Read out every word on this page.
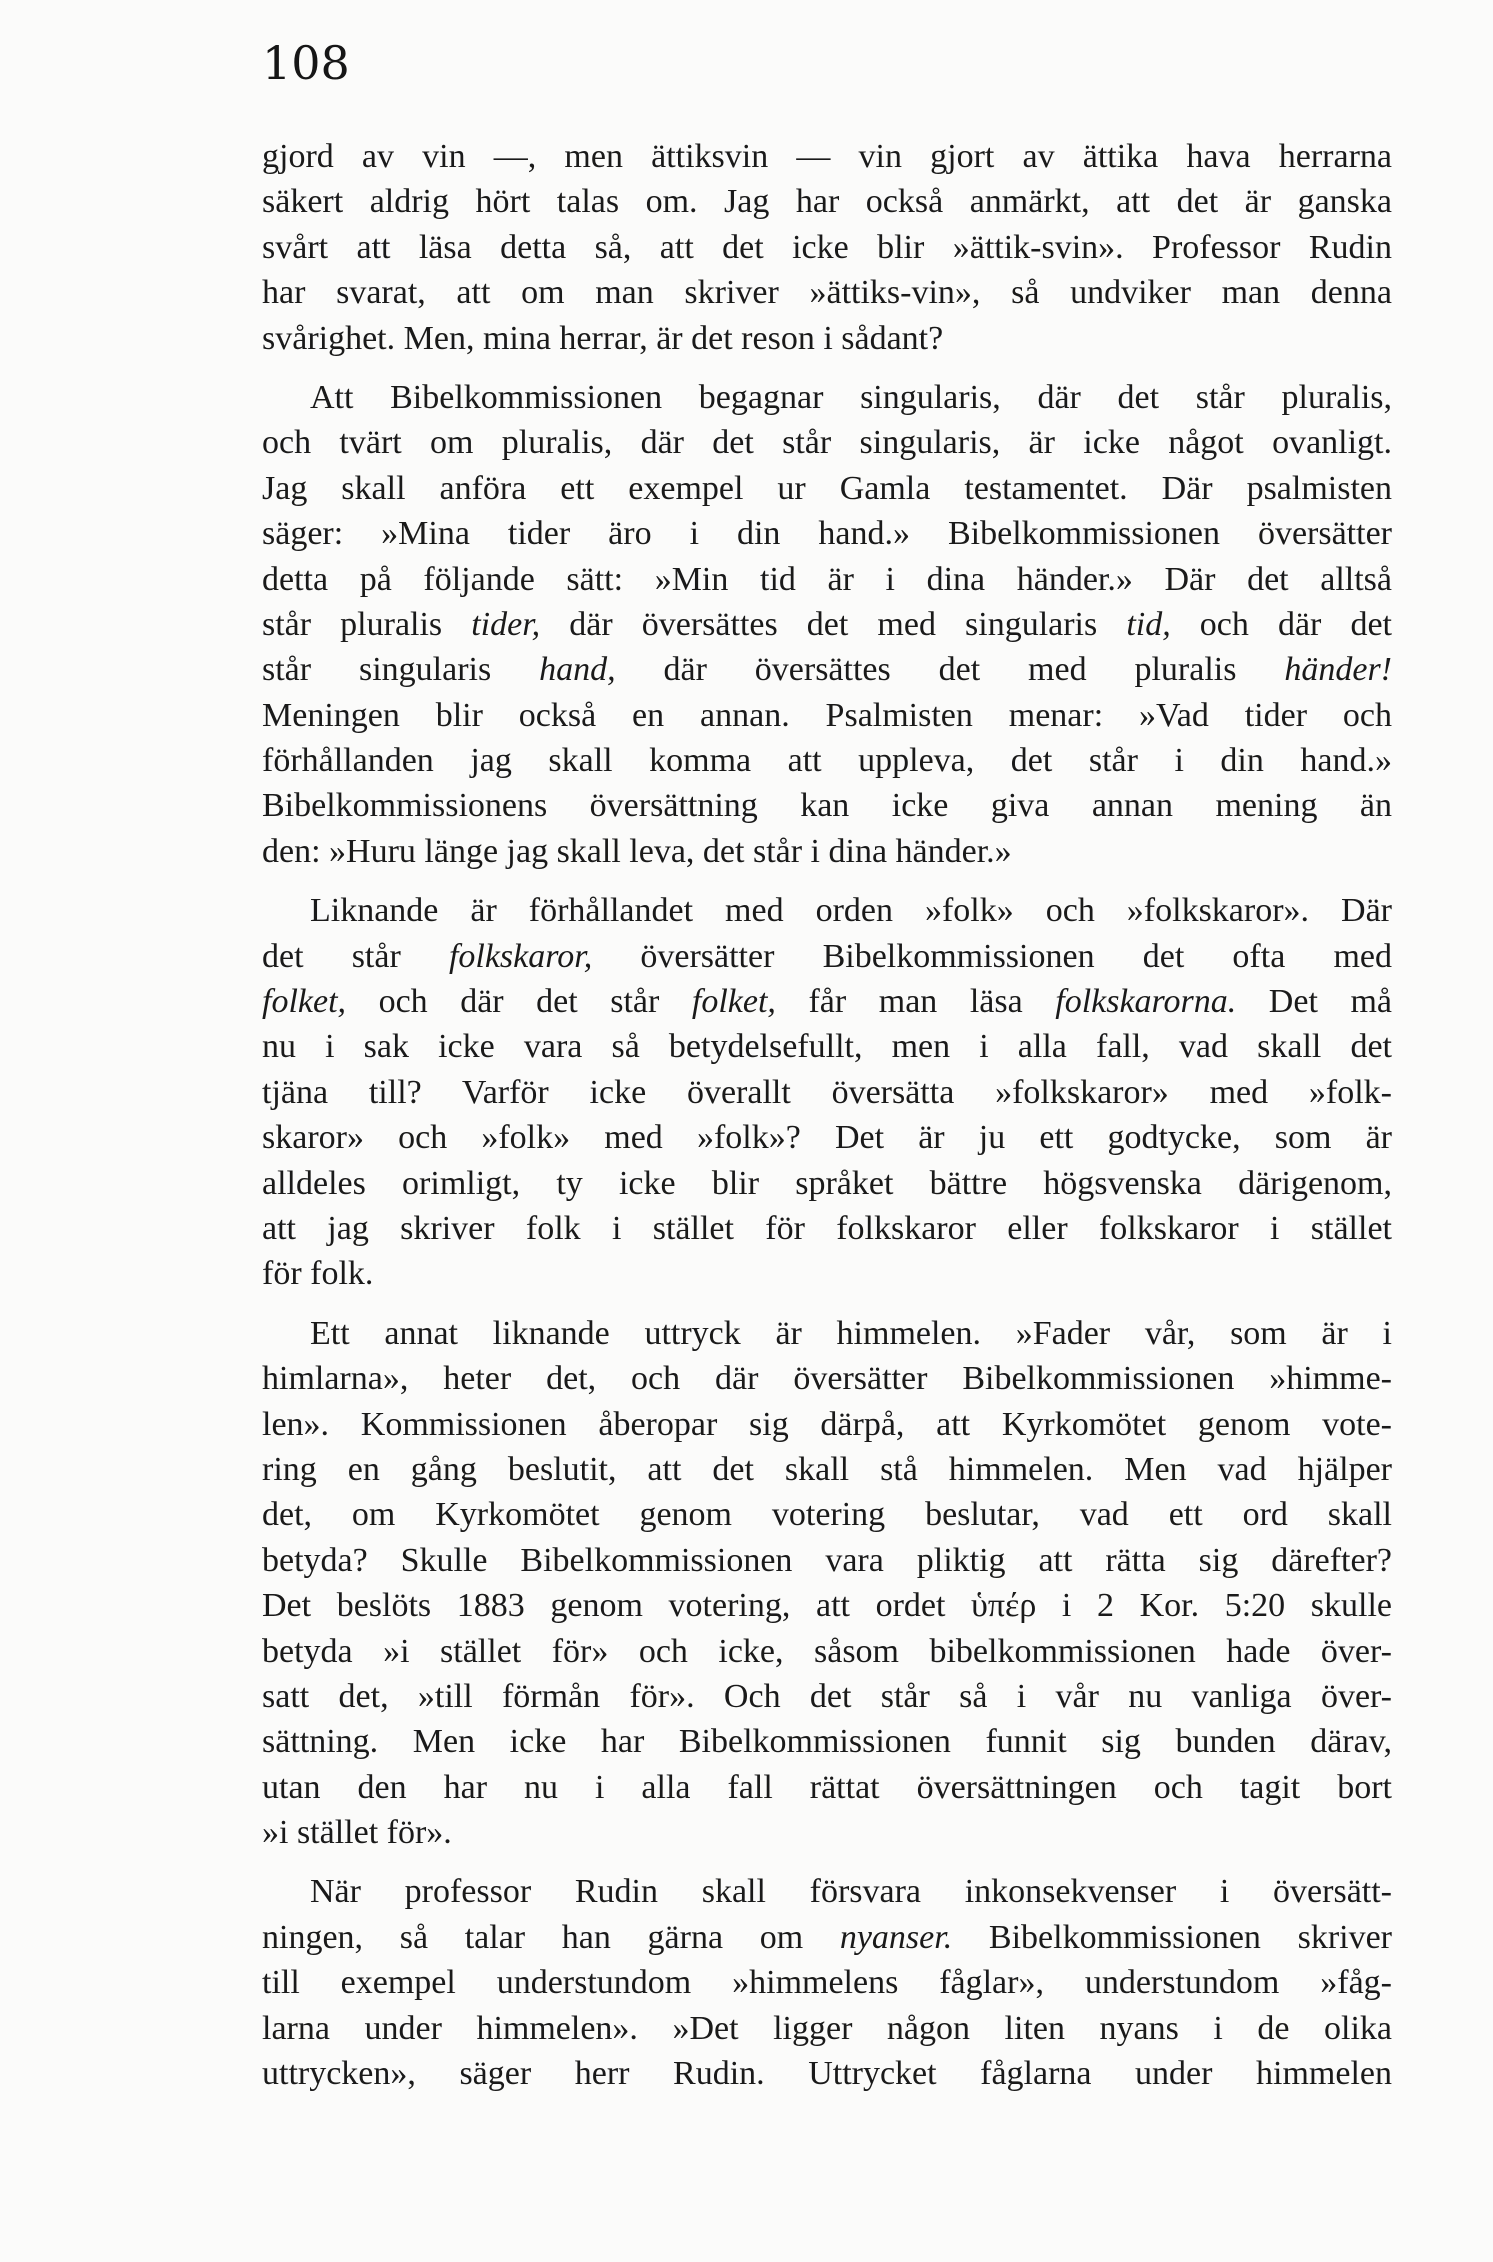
108
gjord av vin —, men ättiksvin — vin gjort av ättika hava herrarna
säkert aldrig hört talas om. Jag har också anmärkt, att det är ganska
svårt att läsa detta så, att det icke blir »ättik-svin». Professor Rudin
har svarat, att om man skriver »ättiks-vin», så undviker man denna
svårighet. Men, mina herrar, är det reson i sådant?
Att Bibelkommissionen begagnar singularis, där det står pluralis,
och tvärt om pluralis, där det står singularis, är icke något ovanligt.
Jag skall anföra ett exempel ur Gamla testamentet. Där psalmisten
säger: »Mina tider äro i din hand.» Bibelkommissionen översätter
detta på följande sätt: »Min tid är i dina händer.» Där det alltså
står pluralis tider, där översättes det med singularis tid, och där det
står singularis hand, där översättes det med pluralis händer!
Meningen blir också en annan. Psalmisten menar: »Vad tider och
förhållanden jag skall komma att uppleva, det står i din hand.»
Bibelkommissionens översättning kan icke giva annan mening än
den: »Huru länge jag skall leva, det står i dina händer.»
Liknande är förhållandet med orden »folk» och »folkskaror». Där
det står folkskaror, översätter Bibelkommissionen det ofta med
folket, och där det står folket, får man läsa folkskarorna. Det må
nu i sak icke vara så betydelsefullt, men i alla fall, vad skall det
tjäna till? Varför icke överallt översätta »folkskaror» med »folk-
skaror» och »folk» med »folk»? Det är ju ett godtycke, som är
alldeles orimligt, ty icke blir språket bättre högsvenska därigenom,
att jag skriver folk i stället för folkskaror eller folkskaror i stället
för folk.
Ett annat liknande uttryck är himmelen. »Fader vår, som är i
himlarna», heter det, och där översätter Bibelkommissionen »himme-
len». Kommissionen åberopar sig därpå, att Kyrkomötet genom vote-
ring en gång beslutit, att det skall stå himmelen. Men vad hjälper
det, om Kyrkomötet genom votering beslutar, vad ett ord skall
betyda? Skulle Bibelkommissionen vara pliktig att rätta sig därefter?
Det beslöts 1883 genom votering, att ordet ὑπέρ i 2 Kor. 5:20 skulle
betyda »i stället för» och icke, såsom bibelkommissionen hade över-
satt det, »till förmån för». Och det står så i vår nu vanliga över-
sättning. Men icke har Bibelkommissionen funnit sig bunden därav,
utan den har nu i alla fall rättat översättningen och tagit bort
»i stället för».
När professor Rudin skall försvara inkonsekvenser i översätt-
ningen, så talar han gärna om nyanser. Bibelkommissionen skriver
till exempel understundom »himmelens fåglar», understundom »fåg-
larna under himmelen». »Det ligger någon liten nyans i de olika
uttrycken», säger herr Rudin. Uttrycket fåglarna under himmelen
